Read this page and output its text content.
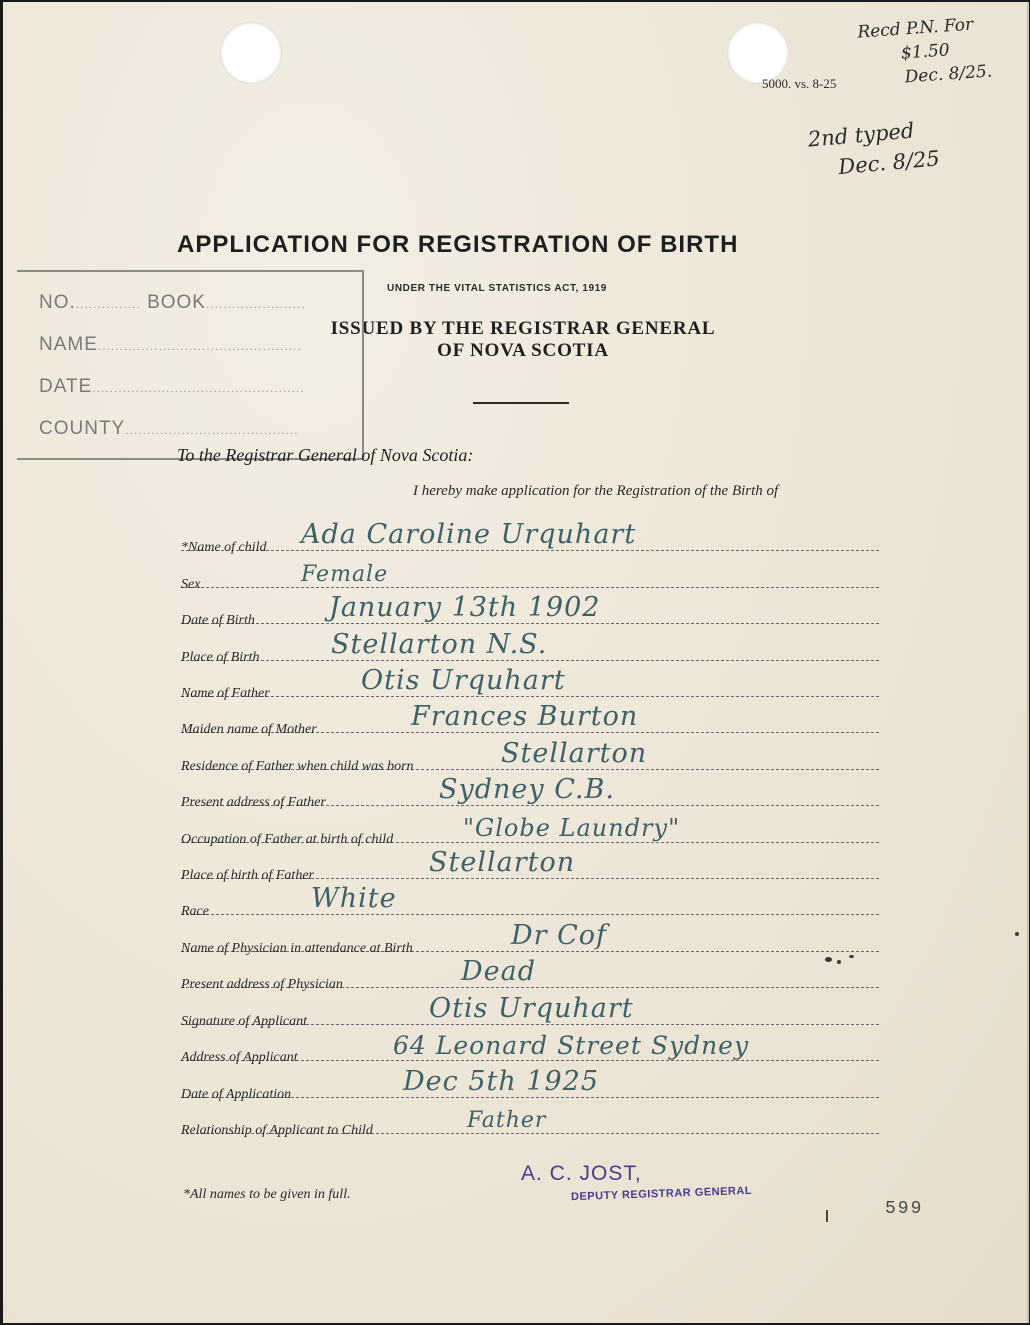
5000. vs. 8-25
Recd P.N. For
$1.50
Dec. 8/25.
2nd typed
Dec. 8/25
APPLICATION FOR REGISTRATION OF BIRTH
UNDER THE VITAL STATISTICS ACT, 1919
ISSUED BY THE REGISTRAR GENERAL
OF NOVA SCOTIA
NO................ BOOK.......................
NAME...............................................
DATE.................................................
COUNTY........................................
To the Registrar General of Nova Scotia:
I hereby make application for the Registration of the Birth of
*Name of child Ada Caroline Urquhart
Sex	Female
Date of Birth	January 13th 1902
Place of Birth	Stellarton N.S.
Name of Father	Otis Urquhart
Maiden name of Mother	Frances Burton
Residence of Father when child was born	Stellarton
Present address of Father	Sydney C.B.
Occupation of Father at birth of child	"Globe Laundry"
Place of birth of Father	Stellarton
Race	White
Name of Physician in attendance at Birth	Dr Cof
Present address of Physician	Dead
Signature of Applicant	Otis Urquhart
Address of Applicant	64 Leonard Street Sydney
Date of Application	Dec 5th 1925
Relationship of Applicant to Child	Father
*All names to be given in full.
A. C. JOST,
DEPUTY REGISTRAR GENERAL
599
